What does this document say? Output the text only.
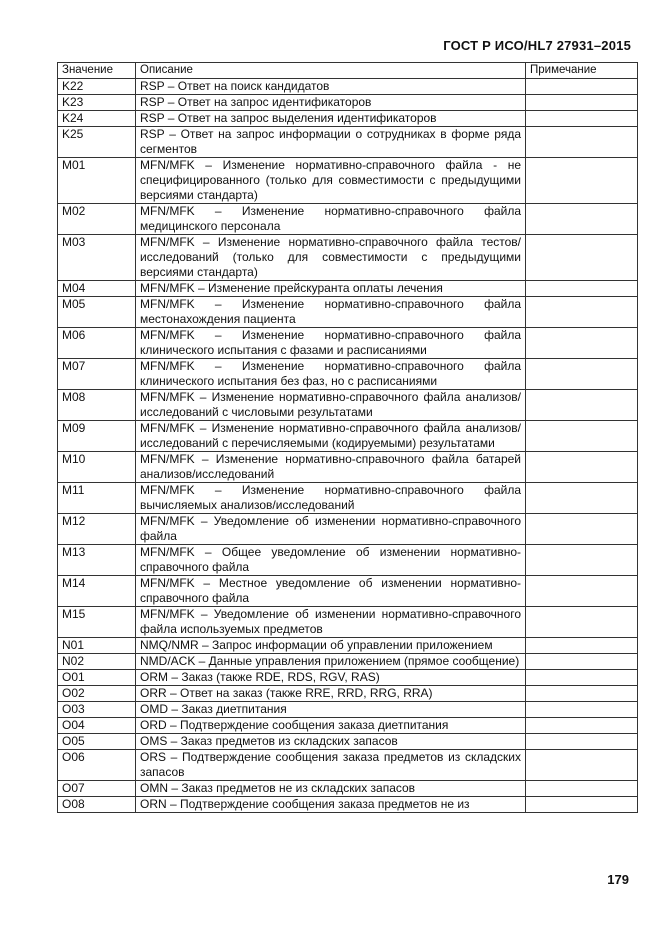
ГОСТ Р ИСО/HL7 27931–2015
Значение	Описание	Примечание
K22	RSP – Ответ на поиск кандидатов	
K23	RSP – Ответ на запрос идентификаторов	
K24	RSP – Ответ на запрос выделения идентификаторов	
K25	RSP – Ответ на запрос информации о сотрудниках в форме ряда сегментов	
M01	MFN/MFK – Изменение нормативно-справочного файла - не специфицированного (только для совместимости с предыдущими версиями стандарта)	
M02	MFN/MFK – Изменение нормативно-справочного файла медицинского персонала	
M03	MFN/MFK – Изменение нормативно-справочного файла тестов/исследований (только для совместимости с предыдущими версиями стандарта)	
M04	MFN/MFK – Изменение прейскуранта оплаты лечения	
M05	MFN/MFK – Изменение нормативно-справочного файла местонахождения пациента	
M06	MFN/MFK – Изменение нормативно-справочного файла клинического испытания с фазами и расписаниями	
M07	MFN/MFK – Изменение нормативно-справочного файла клинического испытания без фаз, но с расписаниями	
M08	MFN/MFK – Изменение нормативно-справочного файла анализов/исследований с числовыми результатами	
M09	MFN/MFK – Изменение нормативно-справочного файла анализов/исследований с перечисляемыми (кодируемыми) результатами	
M10	MFN/MFK – Изменение нормативно-справочного файла батарей анализов/исследований	
M11	MFN/MFK – Изменение нормативно-справочного файла вычисляемых анализов/исследований	
M12	MFN/MFK – Уведомление об изменении нормативно-справочного файла	
M13	MFN/MFK – Общее уведомление об изменении нормативно-справочного файла	
M14	MFN/MFK – Местное уведомление об изменении нормативно-справочного файла	
M15	MFN/MFK – Уведомление об изменении нормативно-справочного файла используемых предметов	
N01	NMQ/NMR – Запрос информации об управлении приложением	
N02	NMD/ACK – Данные управления приложением (прямое сообщение)	
O01	ORM – Заказ (также RDE, RDS, RGV, RAS)	
O02	ORR – Ответ на заказ (также RRE, RRD, RRG, RRA)	
O03	OMD – Заказ диетпитания	
O04	ORD – Подтверждение сообщения заказа диетпитания	
O05	OMS – Заказ предметов из складских запасов	
O06	ORS – Подтверждение сообщения заказа предметов из складских запасов	
O07	OMN – Заказ предметов не из складских запасов	
O08	ORN – Подтверждение сообщения заказа предметов не из	
179
